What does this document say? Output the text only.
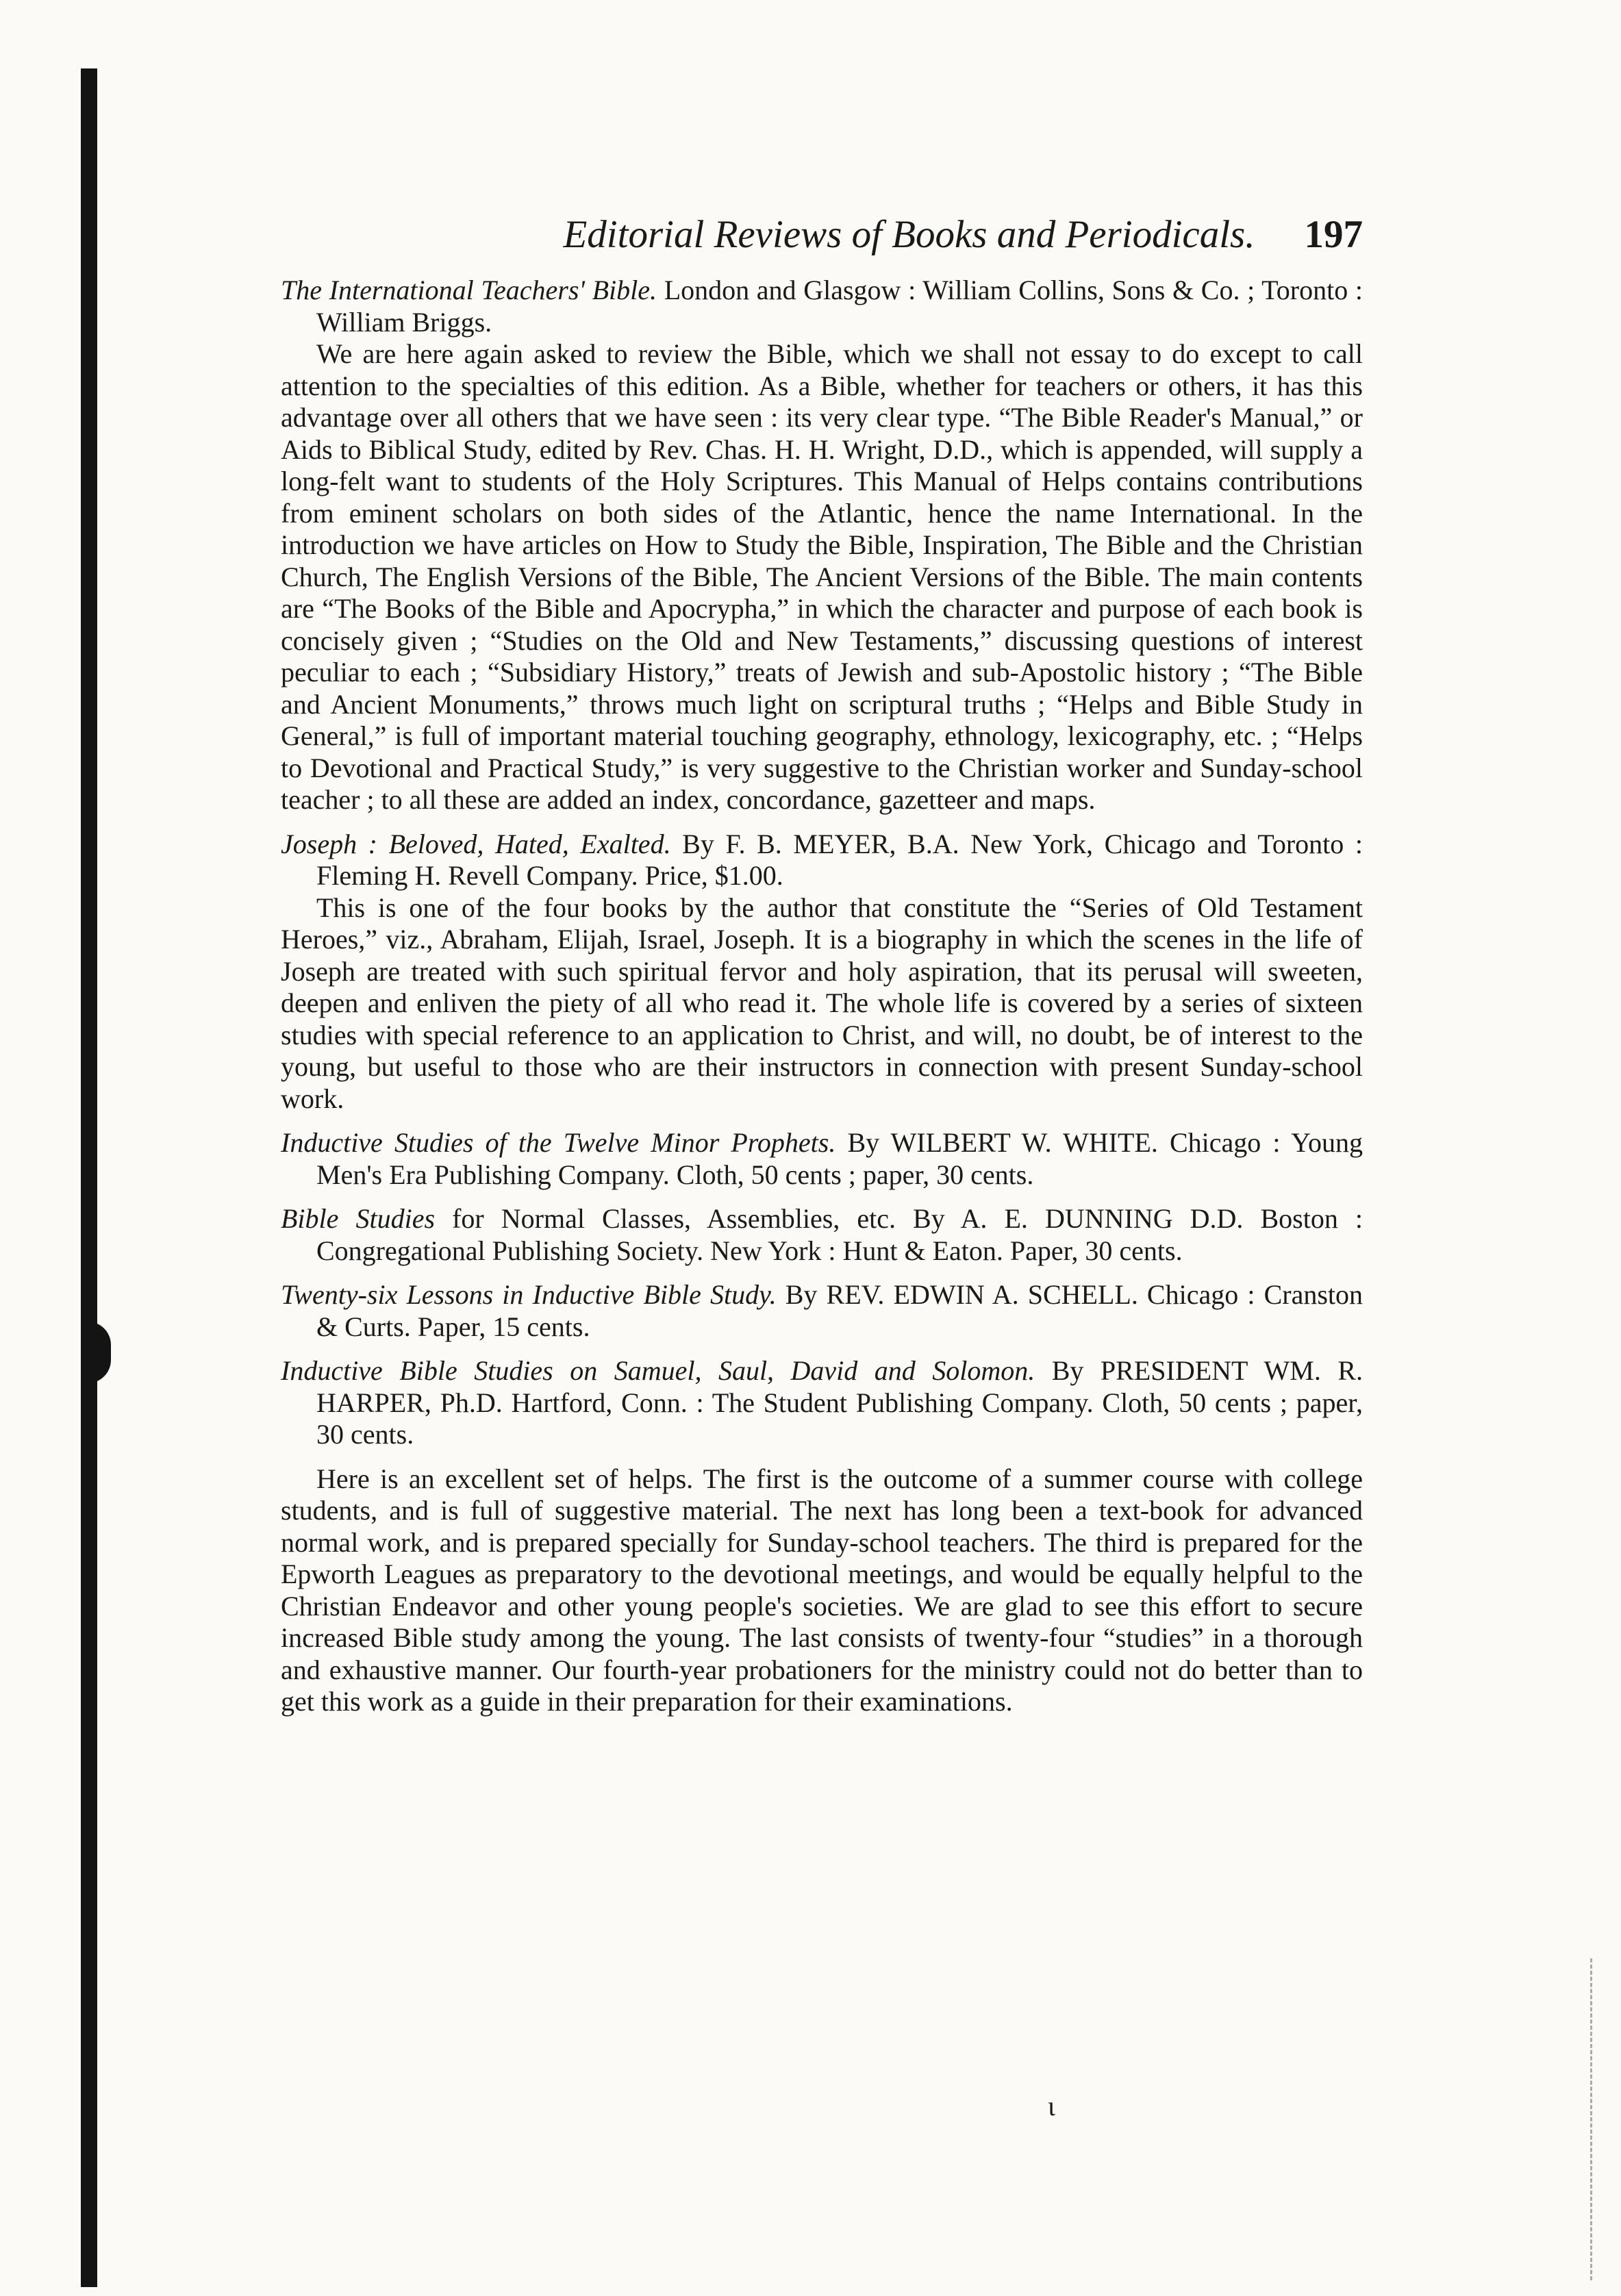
Editorial Reviews of Books and Periodicals. 197

The International Teachers' Bible. London and Glasgow : William Collins, Sons & Co. ; Toronto : William Briggs.

We are here again asked to review the Bible, which we shall not essay to do except to call attention to the specialties of this edition. As a Bible, whether for teachers or others, it has this advantage over all others that we have seen : its very clear type. “The Bible Reader's Manual,” or Aids to Biblical Study, edited by Rev. Chas. H. H. Wright, D.D., which is appended, will supply a long-felt want to students of the Holy Scriptures. This Manual of Helps contains contributions from eminent scholars on both sides of the Atlantic, hence the name International. In the introduction we have articles on How to Study the Bible, Inspiration, The Bible and the Christian Church, The English Versions of the Bible, The Ancient Versions of the Bible. The main contents are “The Books of the Bible and Apocrypha,” in which the character and purpose of each book is concisely given ; “Studies on the Old and New Testaments,” discussing questions of interest peculiar to each ; “Subsidiary History,” treats of Jewish and sub-Apostolic history ; “The Bible and Ancient Monuments,” throws much light on scriptural truths ; “Helps and Bible Study in General,” is full of important material touching geography, ethnology, lexicography, etc. ; “Helps to Devotional and Practical Study,” is very suggestive to the Christian worker and Sunday-school teacher ; to all these are added an index, concordance, gazetteer and maps.

Joseph : Beloved, Hated, Exalted. By F. B. MEYER, B.A. New York, Chicago and Toronto : Fleming H. Revell Company. Price, $1.00.

This is one of the four books by the author that constitute the “Series of Old Testament Heroes,” viz., Abraham, Elijah, Israel, Joseph. It is a biography in which the scenes in the life of Joseph are treated with such spiritual fervor and holy aspiration, that its perusal will sweeten, deepen and enliven the piety of all who read it. The whole life is covered by a series of sixteen studies with special reference to an application to Christ, and will, no doubt, be of interest to the young, but useful to those who are their instructors in connection with present Sunday-school work.

Inductive Studies of the Twelve Minor Prophets. By WILBERT W. WHITE. Chicago : Young Men's Era Publishing Company. Cloth, 50 cents ; paper, 30 cents.

Bible Studies for Normal Classes, Assemblies, etc. By A. E. DUNNING D.D. Boston : Congregational Publishing Society. New York : Hunt & Eaton. Paper, 30 cents.

Twenty-six Lessons in Inductive Bible Study. By REV. EDWIN A. SCHELL. Chicago : Cranston & Curts. Paper, 15 cents.

Inductive Bible Studies on Samuel, Saul, David and Solomon. By PRESIDENT WM. R. HARPER, Ph.D. Hartford, Conn. : The Student Publishing Company. Cloth, 50 cents ; paper, 30 cents.

Here is an excellent set of helps. The first is the outcome of a summer course with college students, and is full of suggestive material. The next has long been a text-book for advanced normal work, and is prepared specially for Sunday-school teachers. The third is prepared for the Epworth Leagues as preparatory to the devotional meetings, and would be equally helpful to the Christian Endeavor and other young people's societies. We are glad to see this effort to secure increased Bible study among the young. The last consists of twenty-four “studies” in a thorough and exhaustive manner. Our fourth-year probationers for the ministry could not do better than to get this work as a guide in their preparation for their examinations.

ɩ
